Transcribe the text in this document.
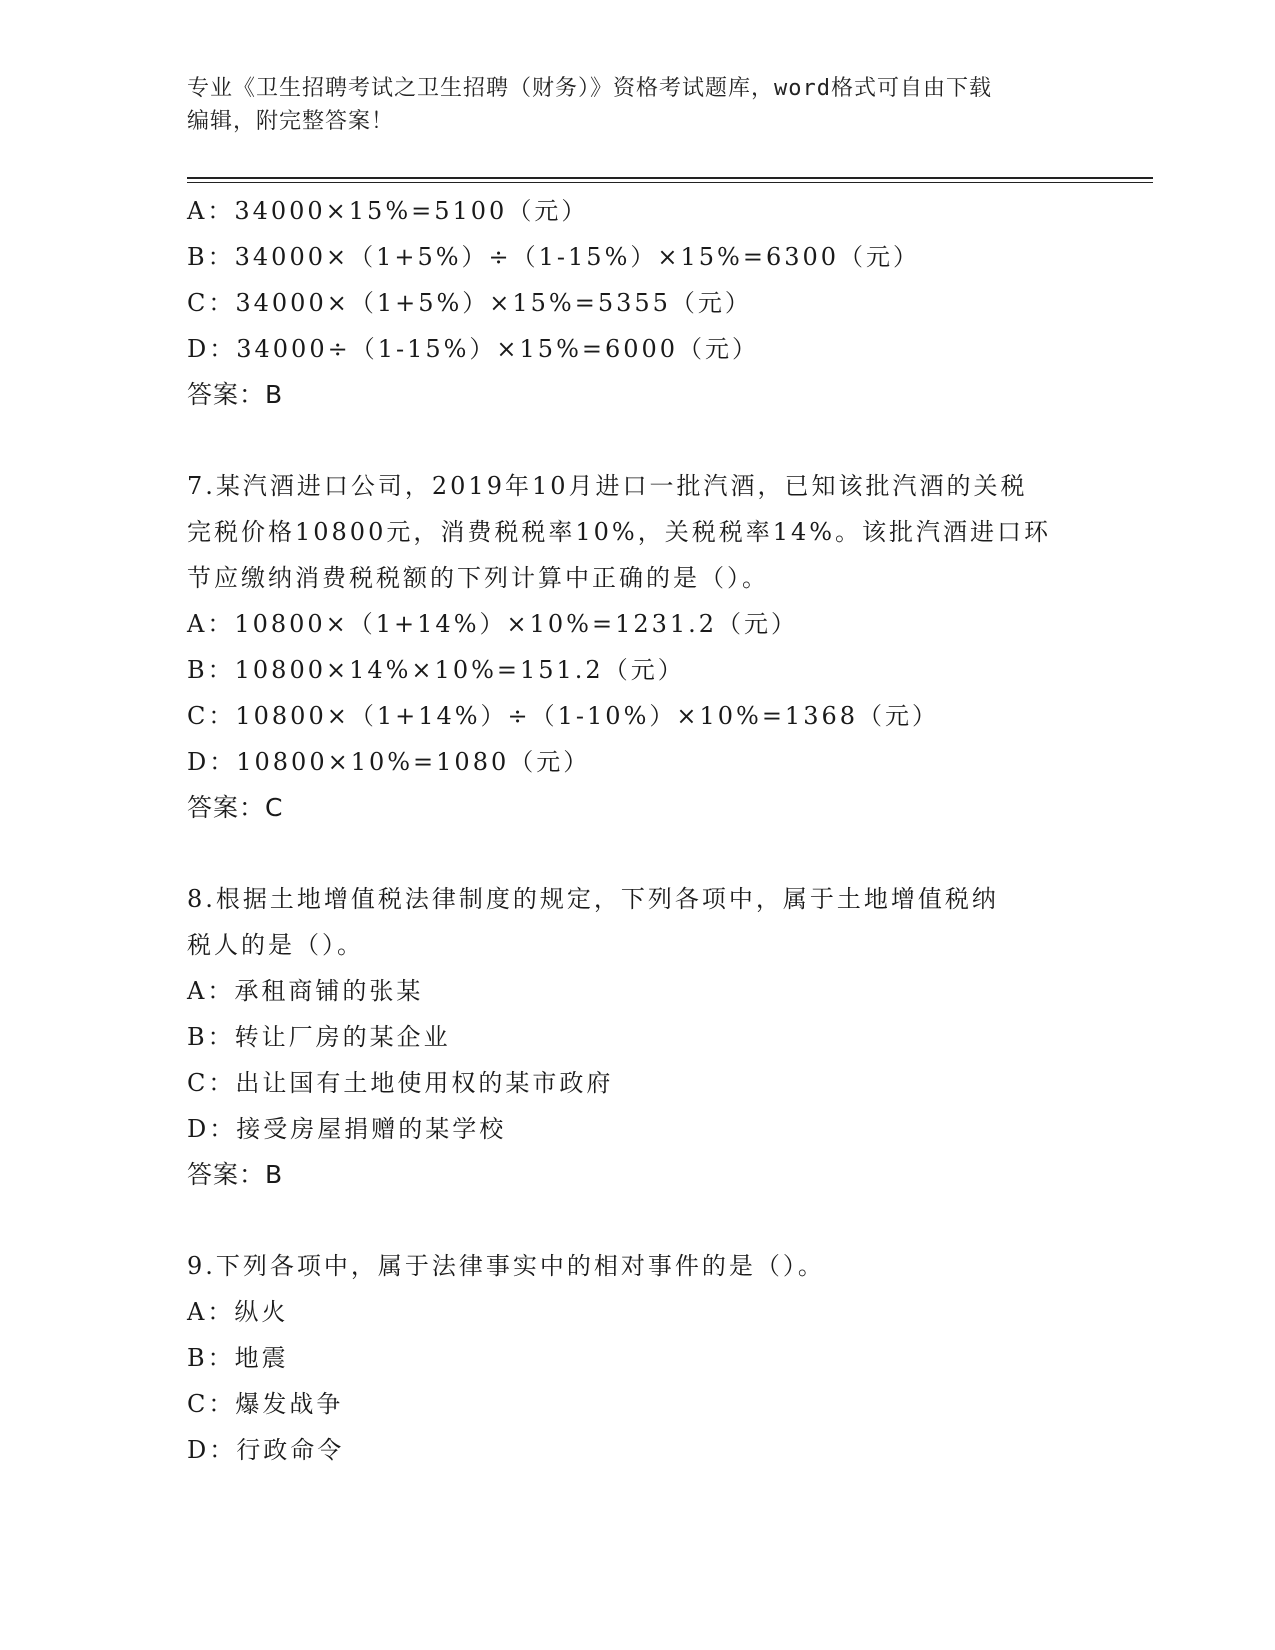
专业《卫生招聘考试之卫生招聘（财务）》资格考试题库，word格式可自由下载
编辑，附完整答案！
A：34000×15%=5100（元）
B：34000×（1+5%）÷（1-15%）×15%=6300（元）
C：34000×（1+5%）×15%=5355（元）
D：34000÷（1-15%）×15%=6000（元）
答案：B
7.某汽酒进口公司，2019年10月进口一批汽酒，已知该批汽酒的关税
完税价格10800元，消费税税率10%，关税税率14%。该批汽酒进口环
节应缴纳消费税税额的下列计算中正确的是（）。
A：10800×（1+14%）×10%=1231.2（元）
B：10800×14%×10%=151.2（元）
C：10800×（1+14%）÷（1-10%）×10%=1368（元）
D：10800×10%=1080（元）
答案：C
8.根据土地增值税法律制度的规定，下列各项中，属于土地增值税纳
税人的是（）。
A：承租商铺的张某
B：转让厂房的某企业
C：出让国有土地使用权的某市政府
D：接受房屋捐赠的某学校
答案：B
9.下列各项中，属于法律事实中的相对事件的是（）。
A：纵火
B：地震
C：爆发战争
D：行政命令
